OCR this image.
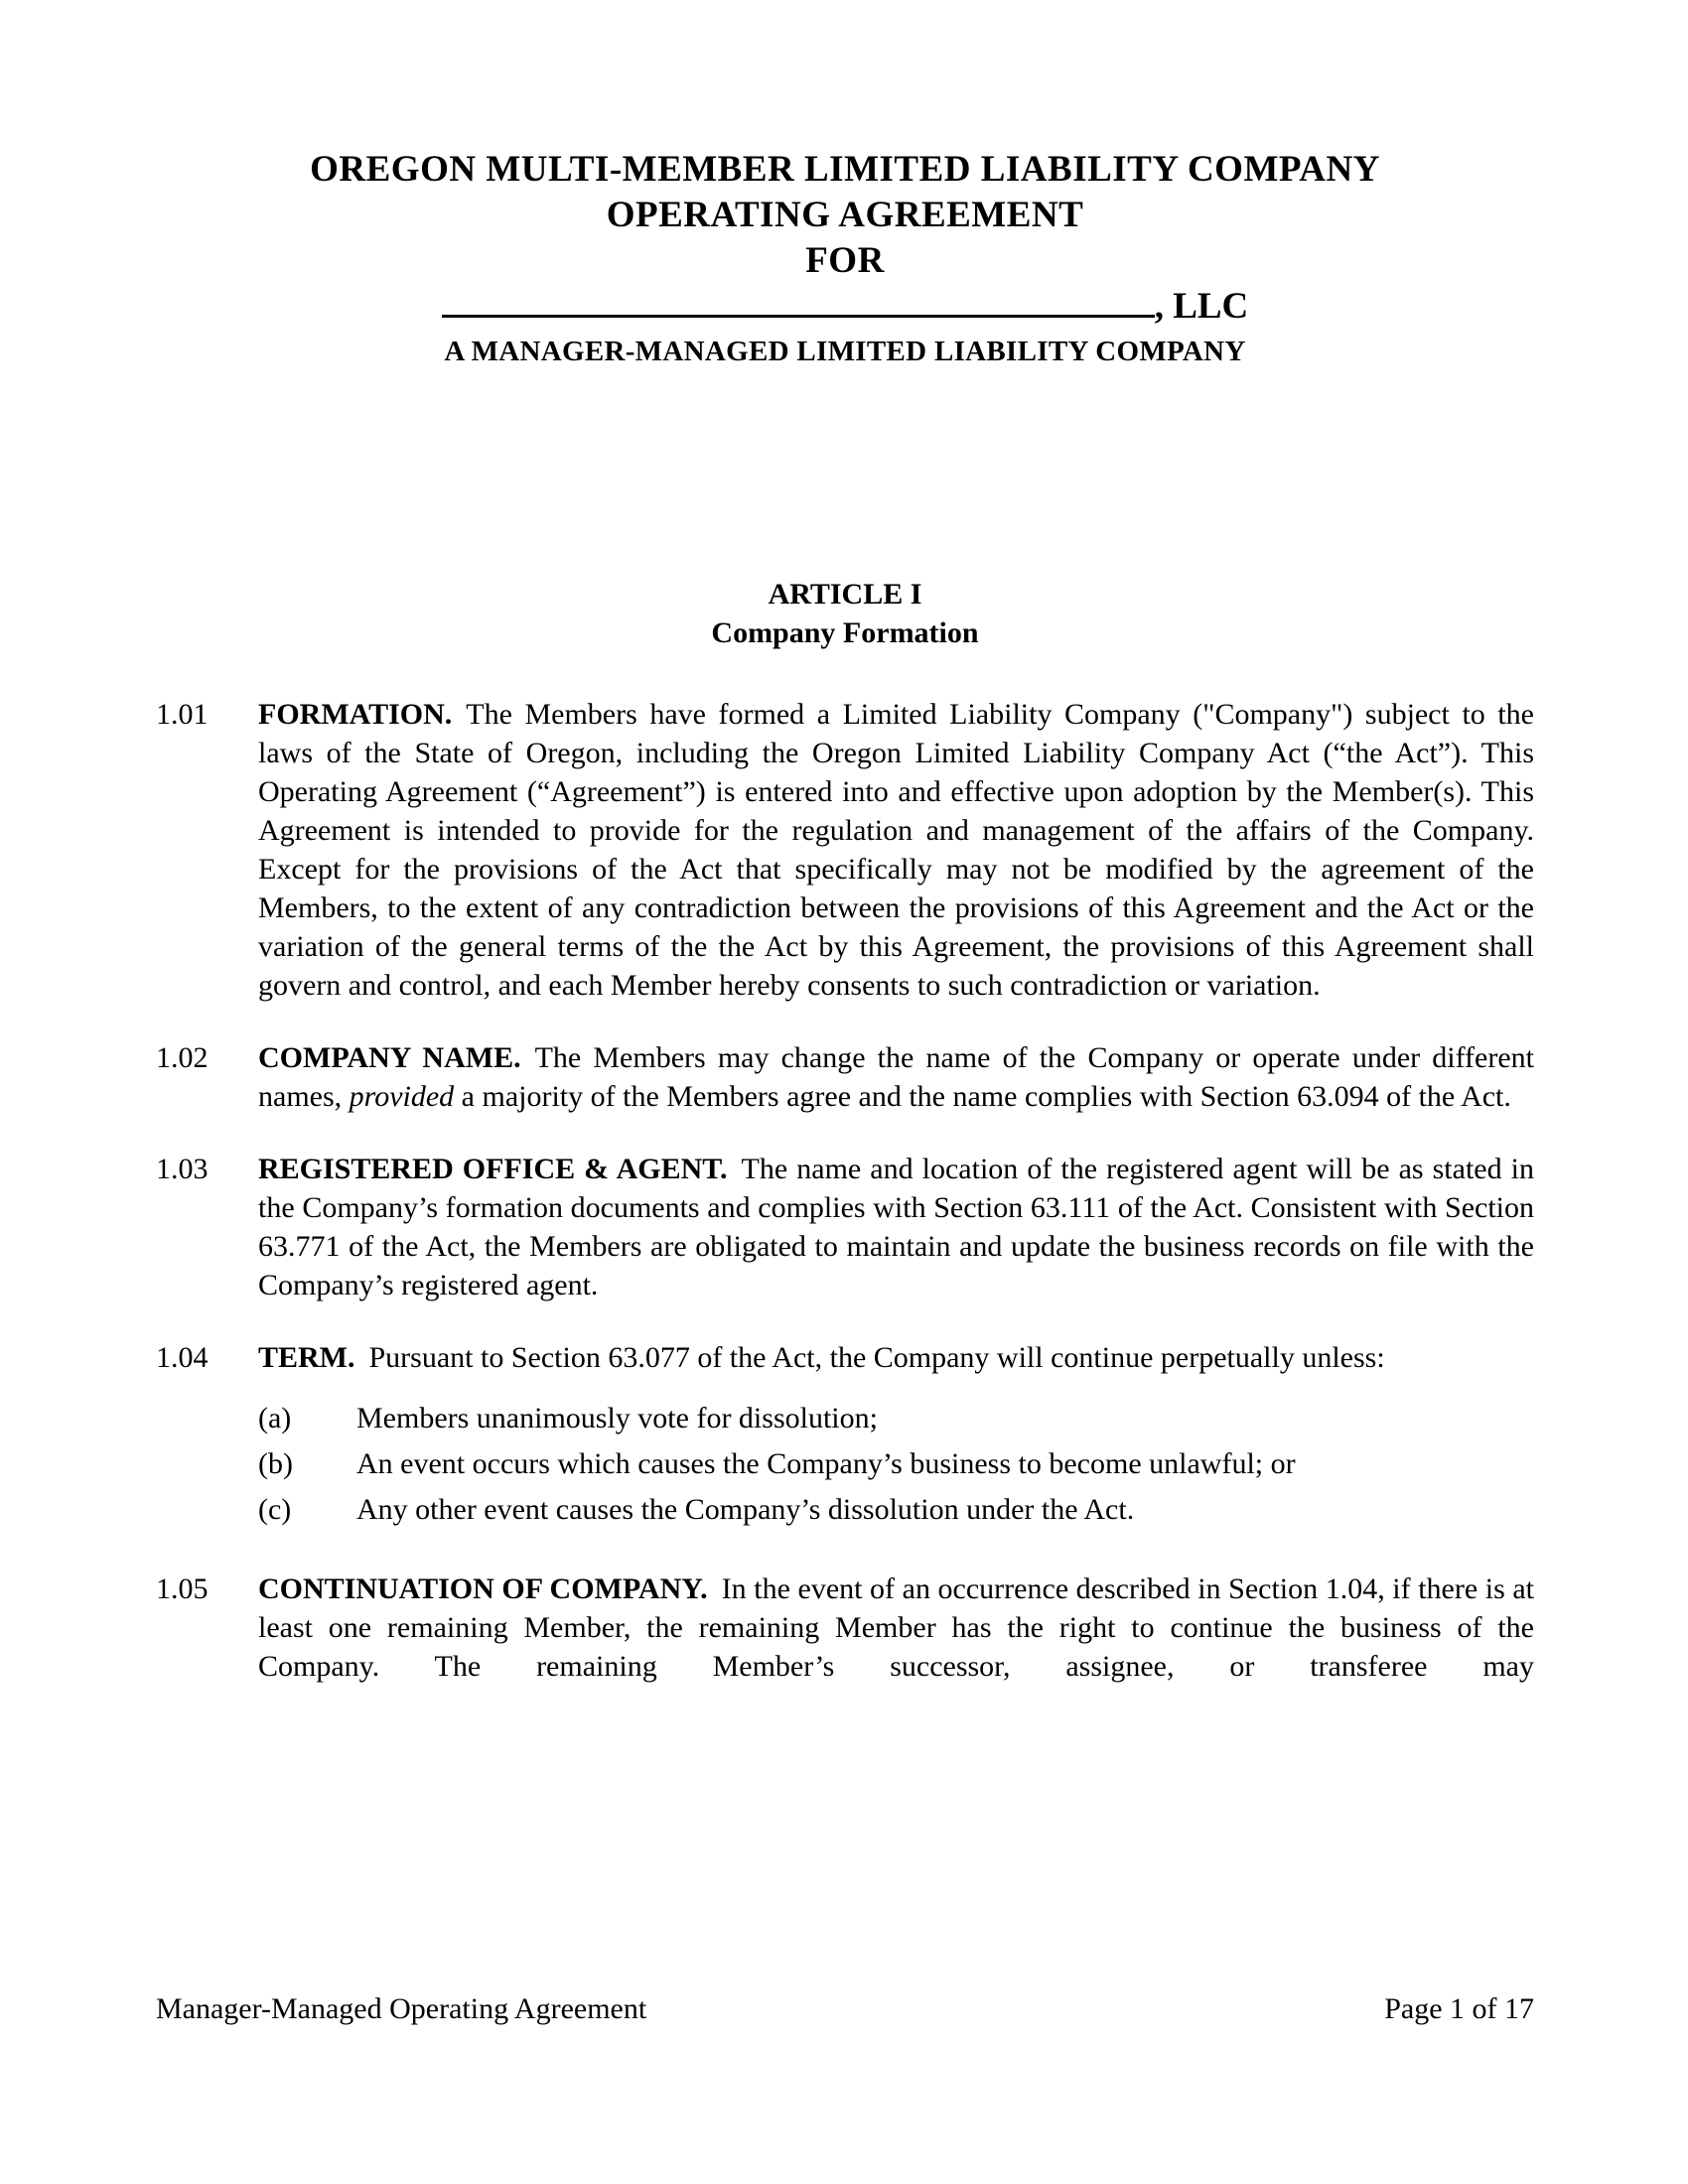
OREGON MULTI-MEMBER LIMITED LIABILITY COMPANY
OPERATING AGREEMENT
FOR
, LLC
A MANAGER-MANAGED LIMITED LIABILITY COMPANY
ARTICLE I
Company Formation
1.01	FORMATION. The Members have formed a Limited Liability Company ("Company") subject to the laws of the State of Oregon, including the Oregon Limited Liability Company Act (“the Act”). This Operating Agreement (“Agreement”) is entered into and effective upon adoption by the Member(s). This Agreement is intended to provide for the regulation and management of the affairs of the Company. Except for the provisions of the Act that specifically may not be modified by the agreement of the Members, to the extent of any contradiction between the provisions of this Agreement and the Act or the variation of the general terms of the the Act by this Agreement, the provisions of this Agreement shall govern and control, and each Member hereby consents to such contradiction or variation.
1.02	COMPANY NAME. The Members may change the name of the Company or operate under different names, provided a majority of the Members agree and the name complies with Section 63.094 of the Act.
1.03	REGISTERED OFFICE & AGENT. The name and location of the registered agent will be as stated in the Company’s formation documents and complies with Section 63.111 of the Act. Consistent with Section 63.771 of the Act, the Members are obligated to maintain and update the business records on file with the Company’s registered agent.
1.04	TERM. Pursuant to Section 63.077 of the Act, the Company will continue perpetually unless:
(a)	Members unanimously vote for dissolution;
(b)	An event occurs which causes the Company’s business to become unlawful; or
(c)	Any other event causes the Company’s dissolution under the Act.
1.05	CONTINUATION OF COMPANY. In the event of an occurrence described in Section 1.04, if there is at least one remaining Member, the remaining Member has the right to continue the business of the Company. The remaining Member’s successor, assignee, or transferee may
Manager-Managed Operating Agreement	Page 1 of 17
